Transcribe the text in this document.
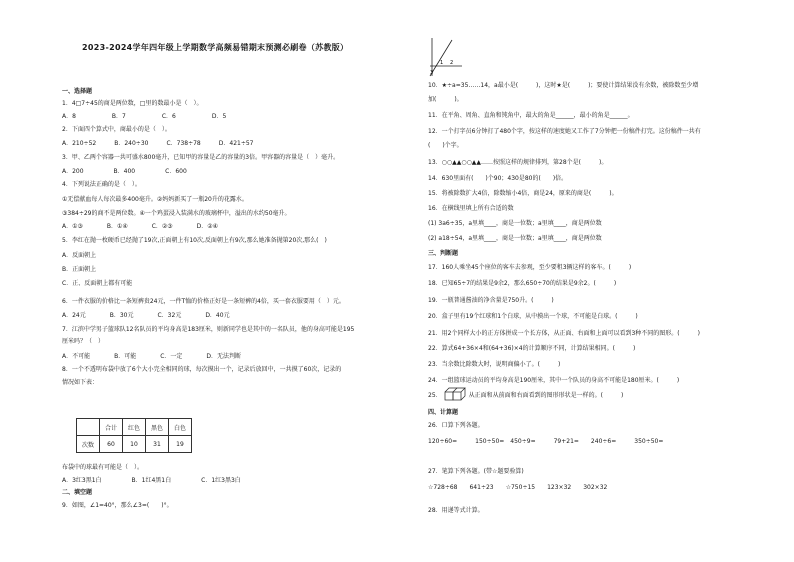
2023-2024学年四年级上学期数学高频易错期末预测必刷卷（苏教版）
一、选择题
1．4□7÷45的商是两位数，□里的数最小是（　）。
A．8　　　　　　B．7　　　　　　C．6　　　　　　D．5
2．下面四个算式中，商最小的是（　）。
A．210÷52　　　B．240÷30　　　C．738÷78　　　D．421÷57
3．甲、乙两个容器一共可盛水800毫升，已知甲的容量是乙的容量的3倍。甲容器的容量是（　）毫升。
A．200　　　　　B．400　　　　　C．600
4．下列说法正确的是（　）。
①无偿献血每人每次最多400毫升。②妈妈新买了一瓶20升的花露水。
③384÷29的商不是两位数。④一个鸡蛋浸入装满水的玻璃杯中，溢出的水约50毫升。
A．①③　　　　B．①④　　　　C．②③　　　　D．②④
5．李红在抛一枚硬币已经抛了19次,正面朝上有10次,反面朝上有9次,那么她准备抛第20次,那么(　)
A．反面朝上
B．正面朝上
C．正、反面朝上都有可能
6．一件衣服的价格比一条短裤贵24元，一件T恤的价格正好是一条短裤的4倍，买一套衣服要用（　）元。
A．24元　　　　B．30元　　　　C．32元　　　　D．40元
7．江滨中学男子篮球队12名队员的平均身高是183厘米，则新同学也是其中的一名队员，他的身高可能是195
厘米吗？（　）
A．不可能　　　　B．可能　　　　C．一定　　　　D．无法判断
8．一个不透明布袋中放了6个大小完全相同的球，每次摸出一个，记录后放回中，一共摸了60次，记录的
情况如下表：
布袋中的球最有可能是（　）。
A．3红3黑1白　　　　　B．1红4黑1白　　　　　C．1红3黑3白
二、填空题
9．如图，∠1=40°，那么∠3=(　　)°。
	合计	红色	黑色	白色
次数	60	10	31	19
1 2
3
10．★÷a=35……14，a最小是(　　　)，这时★是(　　　)；要使计算结果没有余数，被除数至少增
加(　　　)。
11．在平角、周角、直角和钝角中，最大的角是______，最小的角是______。
12．一个打字员6分钟打了480个字，按这样的速度她又工作了7分钟把一份稿件打完。这份稿件一共有
(　　)个字。
13．○○▲▲○○▲▲……按照这样的规律排列，第28个是(　　　)。
14．630里面有(　　)个90；430是80的(　　)倍。
15．将被除数扩大4倍，除数缩小4倍，商是24，原来的商是(　　　)。
16．在横线里填上所有合适的数
(1) 3a6÷35，a里填____，商是一位数；a里填____，商是两位数
(2) a18÷54，a里填____，商是一位数；a里填____，商是两位数
三、判断题
17．160人乘坐45个座位的客车去参观，至少要租3辆这样的客车。(　　　)
18．已知65÷7的结果是9余2，那么650÷70的结果是9余2。(　　　)
19．一瓶普通酱油的净含量是750升。(　　　)
20．盒子里有19个红球和1个白球，从中摸出一个球，不可能是白球。(　　　)
21．用2个同样大小的正方体拼成一个长方体，从正面、右面和上面可以看到3种不同的图形。(　　　)
22．算式64+36×4和(64+36)×4的计算顺序不同，计算结果相同。(　　　)
23．当余数比除数大时，说明商偏小了。(　　　)
24．一组篮球运动员的平均身高是190厘米，其中一个队员的身高不可能是180厘米。(　　　)
25．　　　　　从正面和从前面和右面看到的图形形状是一样的。(　　　)
四、计算题
26．口算下列各题。
120÷60=　　　150÷50=　450÷9=　　　79+21=　　240÷6=　　　350÷50=
27．笔算下列各题。(带☆题要验算)
☆728÷68　　641÷23　　☆750÷15　　123×32　　302×32
28．用递等式计算。
